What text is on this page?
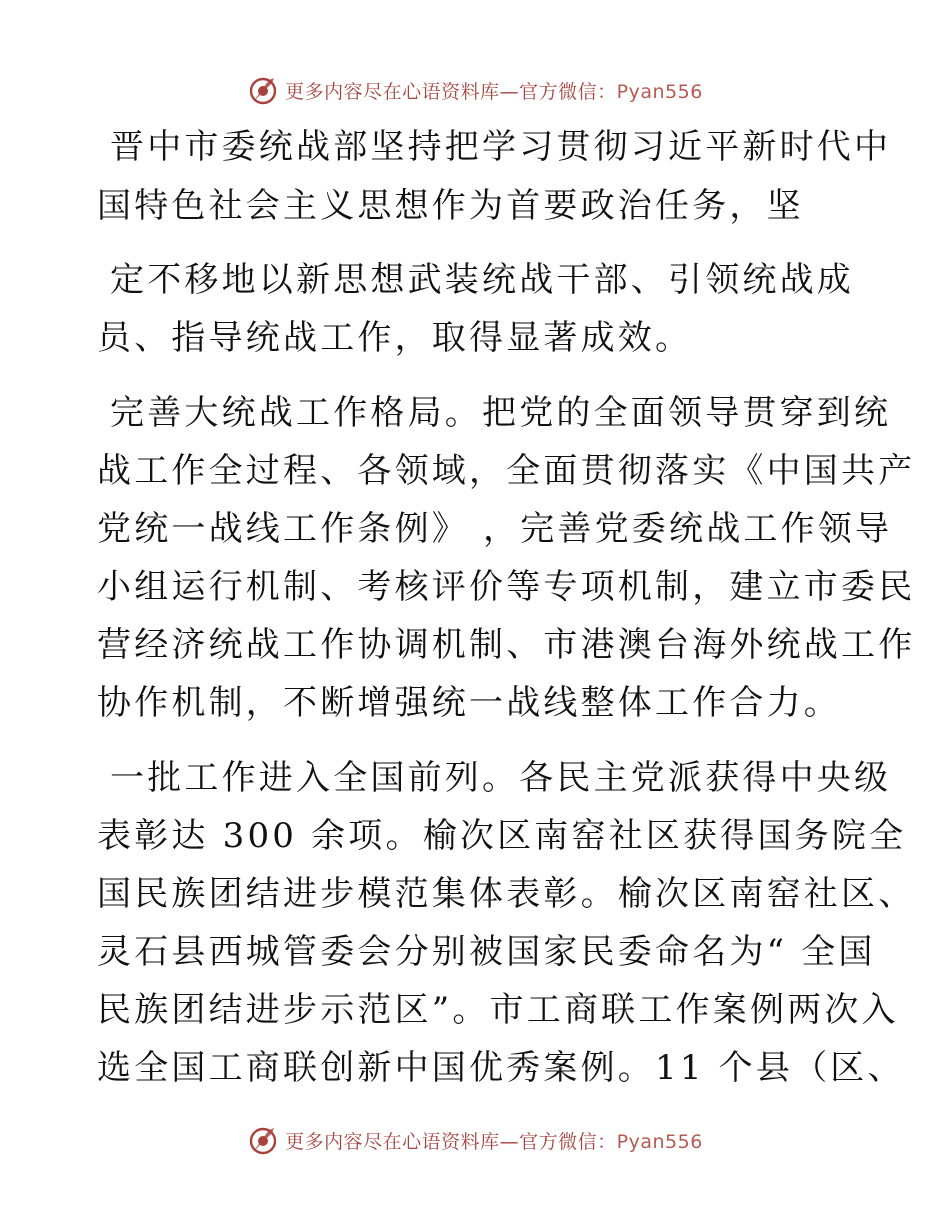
更多内容尽在心语资料库—官方微信：Pyan556
晋中市委统战部坚持把学习贯彻习近平新时代中
国特色社会主义思想作为首要政治任务，坚
定不移地以新思想武装统战干部、引领统战成
员、指导统战工作，取得显著成效。
完善大统战工作格局。把党的全面领导贯穿到统
战工作全过程、各领域，全面贯彻落实《中国共产
党统一战线工作条例》 ，完善党委统战工作领导
小组运行机制、考核评价等专项机制，建立市委民
营经济统战工作协调机制、市港澳台海外统战工作
协作机制，不断增强统一战线整体工作合力。
一批工作进入全国前列。各民主党派获得中央级
表彰达 300 余项。榆次区南窑社区获得国务院全
国民族团结进步模范集体表彰。榆次区南窑社区、
灵石县西城管委会分别被国家民委命名为“ 全国
民族团结进步示范区”。市工商联工作案例两次入
选全国工商联创新中国优秀案例。11 个县（区、
更多内容尽在心语资料库—官方微信：Pyan556
